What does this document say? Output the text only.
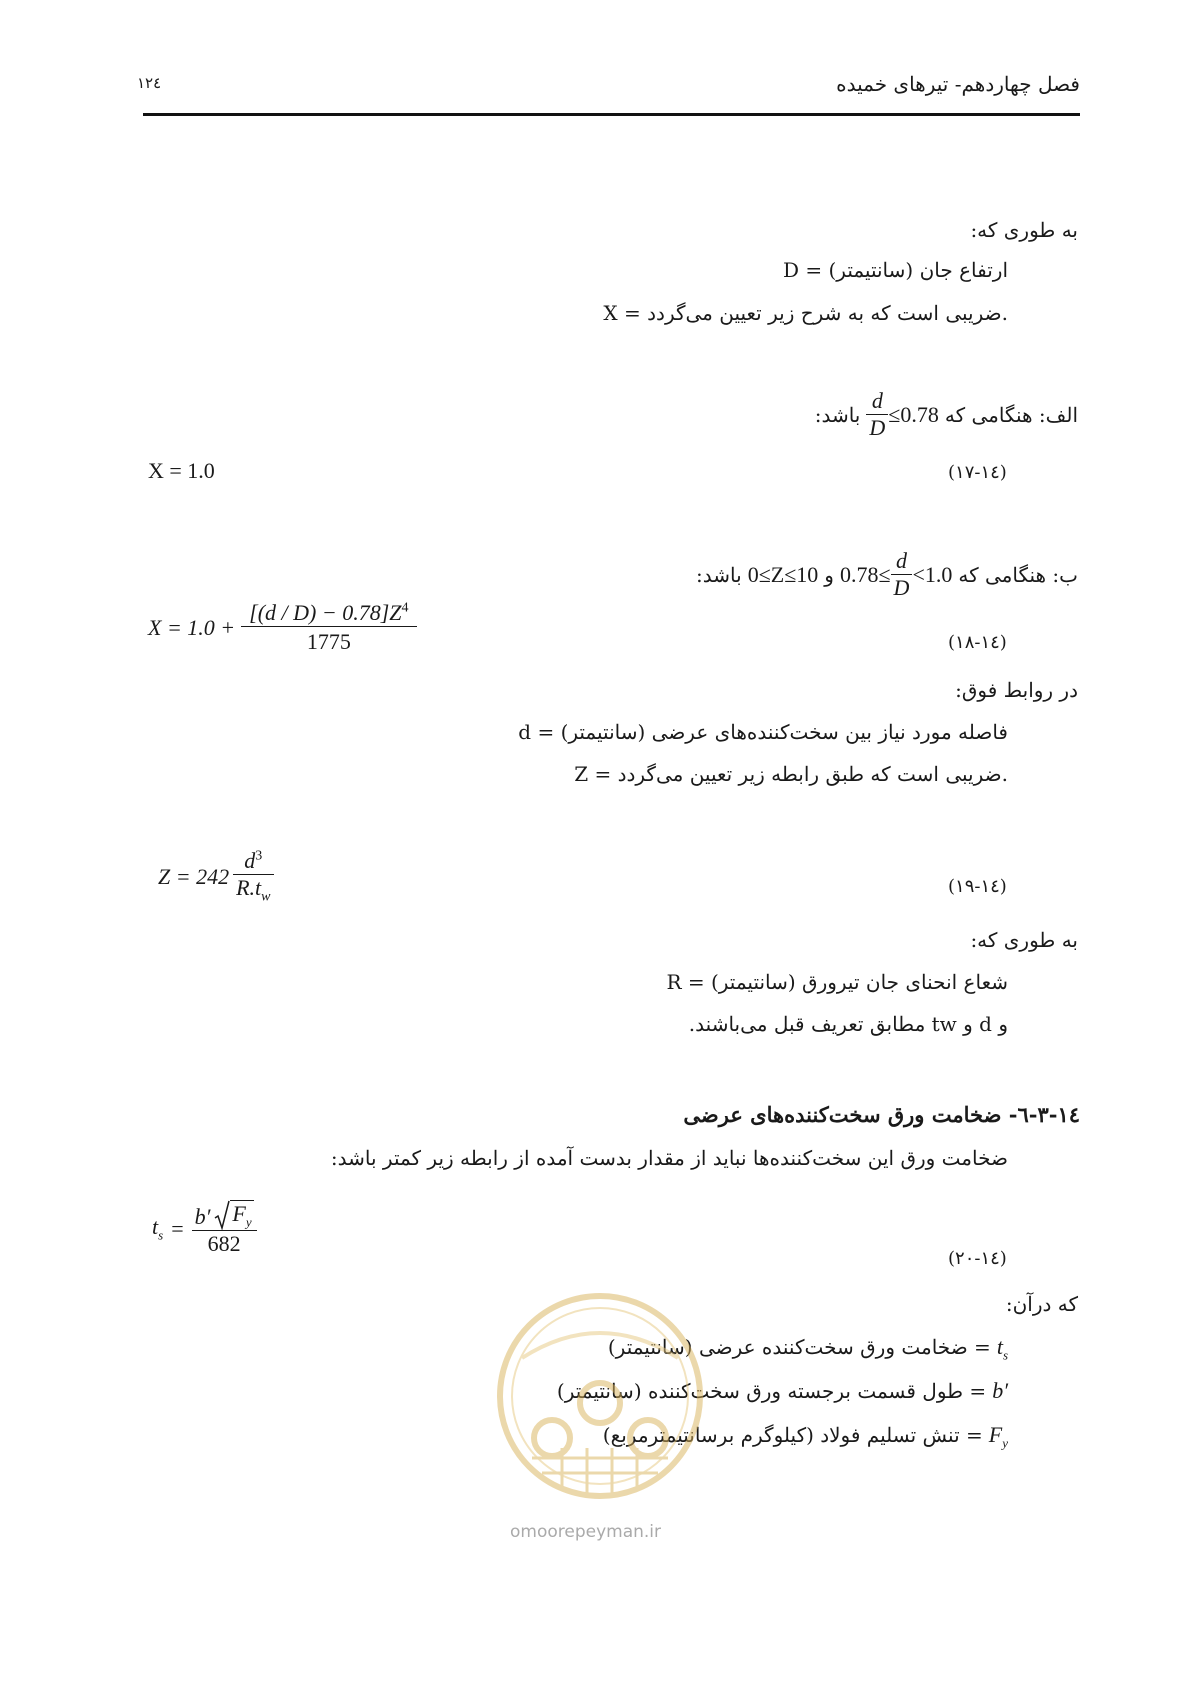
فصل چهاردهم- تیرهای خمیده
۱۲٤
به طوری که:
D = ارتفاع جان (سانتیمتر)
X = ضریبی است که به شرح زیر تعیین می‌گردد.
الف: هنگامی که
$\frac{d}{D} \le 0.78$
باشد:
X = 1.0	(۱۷-۱٤)
ب: هنگامی که
$0.78\le \frac{d}{D} <1.0$
و
0≤Z≤10
باشد:
$X = 1.0 + \frac{[(d / D) - 0.78]Z^4}{1775}$	(۱۸-۱٤)
در روابط فوق:
d = فاصله مورد نیاز بین سخت‌کننده‌های عرضی (سانتیمتر)
Z = ضریبی است که طبق رابطه زیر تعیین می‌گردد.
$Z = 242 \frac{d^3}{R.t_w}$	(۱۹-۱٤)
به طوری که:
R = شعاع انحنای جان تیرورق (سانتیمتر)
و d و tw مطابق تعریف قبل می‌باشند.
١٤-٣-٦- ضخامت ورق سخت‌کننده‌های عرضی
ضخامت ورق این سخت‌کننده‌ها نباید از مقدار بدست آمده از رابطه زیر کمتر باشد:
$t_s = \frac{b' F_y}{682}$
(۲۰-۱٤)
که درآن:
$t_s$
= ضخامت ورق سخت‌کننده عرضی (سانتیمتر)
b′
= طول قسمت برجسته ورق سخت‌کننده (سانتیمتر)
$F_y$
= تنش تسلیم فولاد (کیلوگرم برسانتیمترمربع)
omoorepeyman.ir
